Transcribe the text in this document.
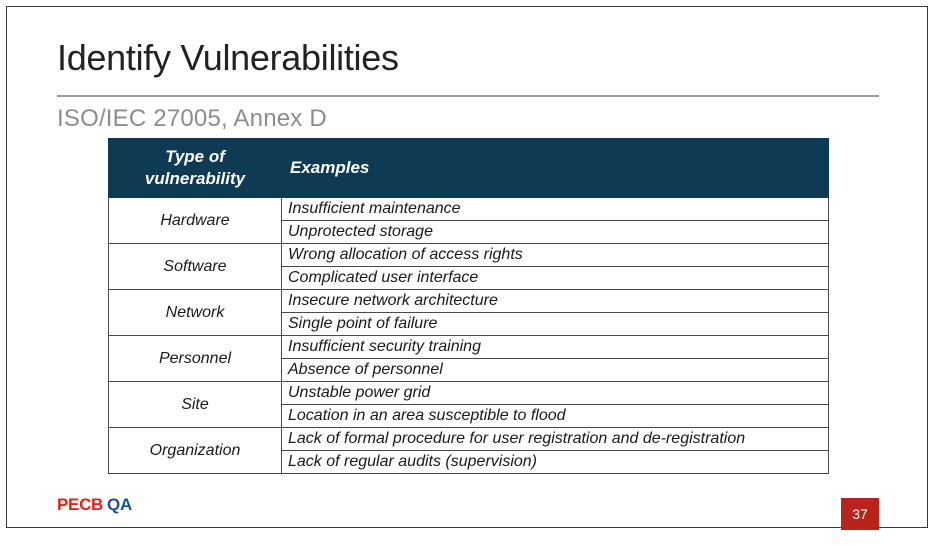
Identify Vulnerabilities
ISO/IEC 27005, Annex D
Type of vulnerability	Examples
Hardware	Insufficient maintenance
	Unprotected storage
Software	Wrong allocation of access rights
	Complicated user interface
Network	Insecure network architecture
	Single point of failure
Personnel	Insufficient security training
	Absence of personnel
Site	Unstable power grid
	Location in an area susceptible to flood
Organization	Lack of formal procedure for user registration and de-registration
	Lack of regular audits (supervision)
PECB QA	37
